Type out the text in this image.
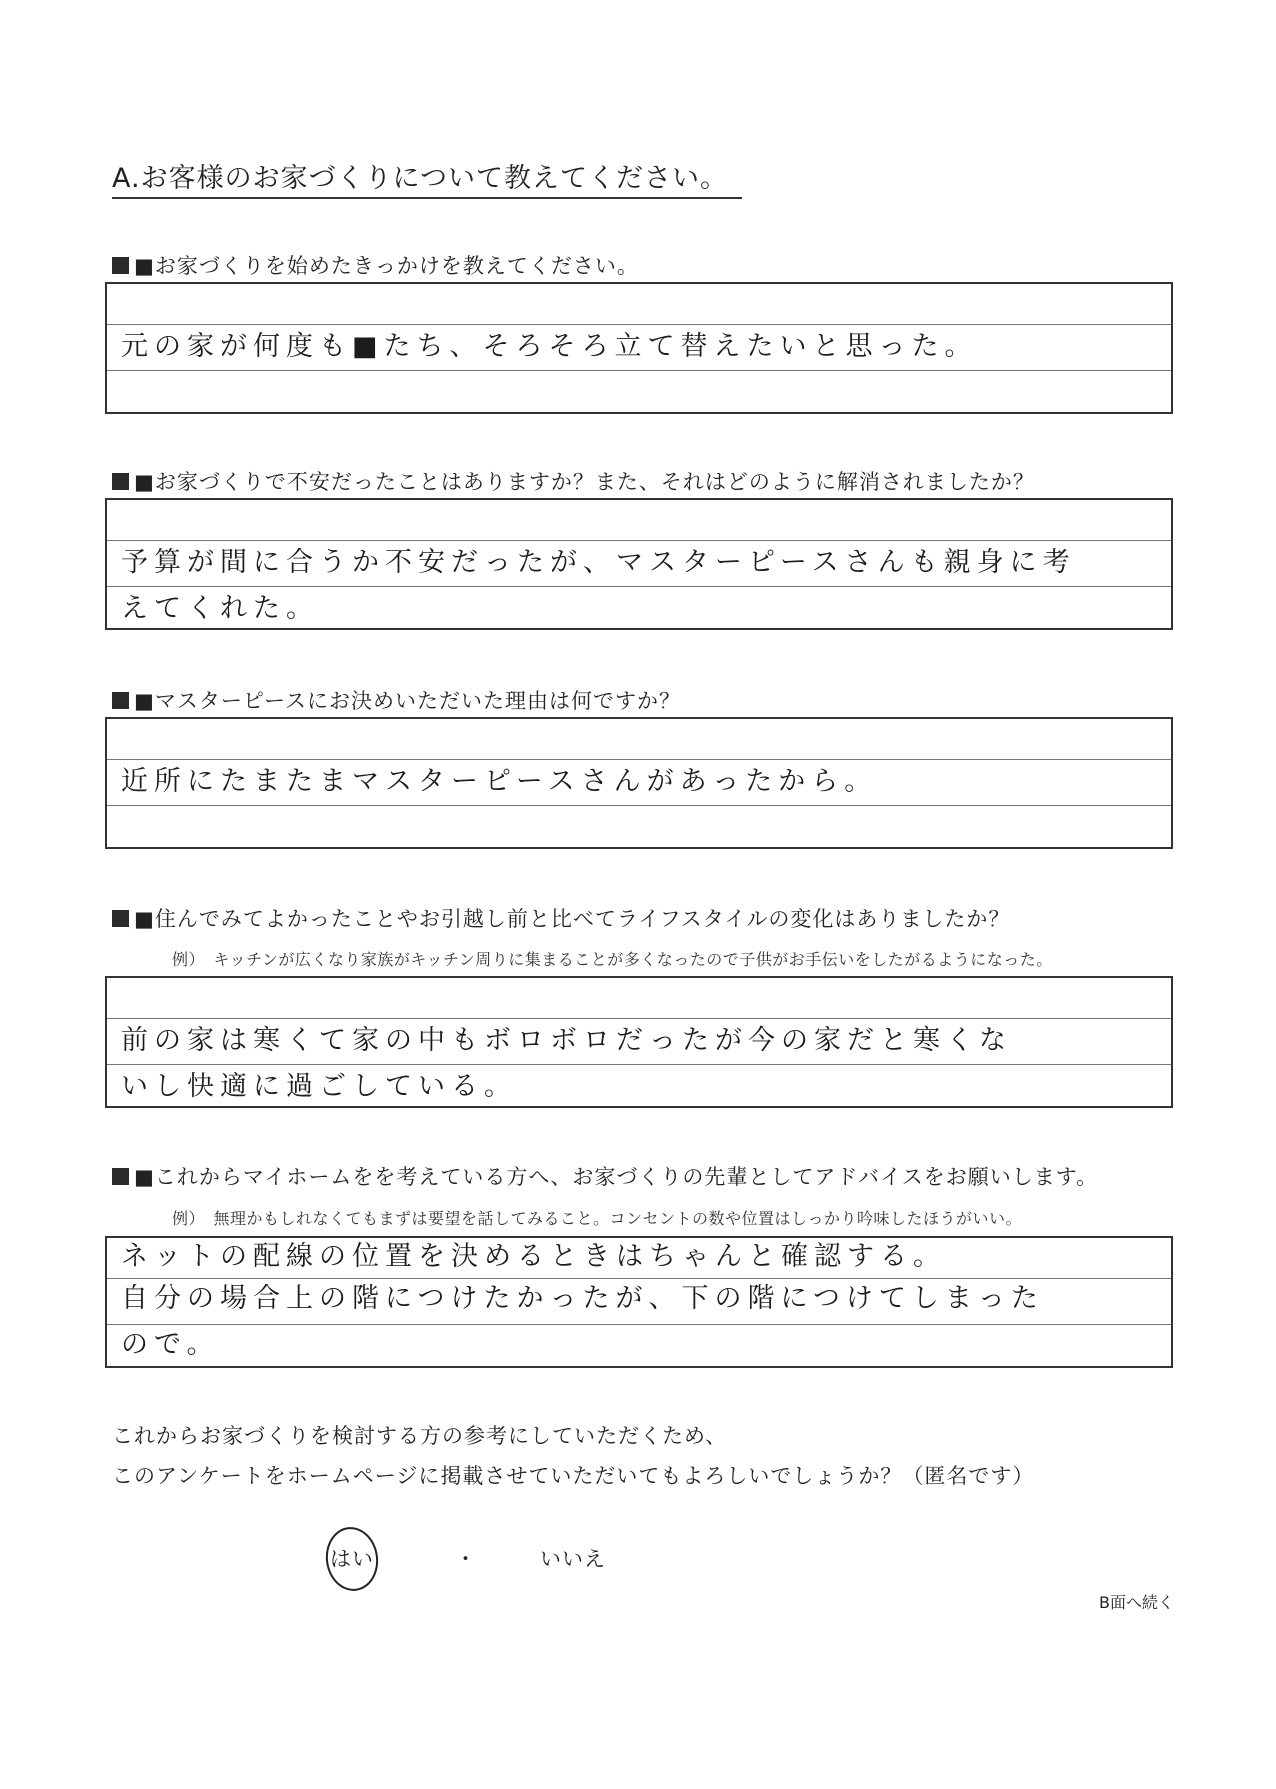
A.お客様のお家づくりについて教えてください。
■お家づくりを始めたきっかけを教えてください。
元の家が何度も■たち、そろそろ立て替えたいと思った。
■お家づくりで不安だったことはありますか？また、それはどのように解消されましたか？
予算が間に合うか不安だったが、マスターピースさんも親身に考
えてくれた。
■マスターピースにお決めいただいた理由は何ですか？
近所にたまたまマスターピースさんがあったから。
■住んでみてよかったことやお引越し前と比べてライフスタイルの変化はありましたか？
例）　キッチンが広くなり家族がキッチン周りに集まることが多くなったので子供がお手伝いをしたがるようになった。
前の家は寒くて家の中もボロボロだったが今の家だと寒くな
いし快適に過ごしている。
■これからマイホームをを考えている方へ、お家づくりの先輩としてアドバイスをお願いします。
例）　無理かもしれなくてもまずは要望を話してみること。コンセントの数や位置はしっかり吟味したほうがいい。
ネットの配線の位置を決めるときはちゃんと確認する。
自分の場合上の階につけたかったが、下の階につけてしまった
ので。
これからお家づくりを検討する方の参考にしていただくため、
このアンケートをホームページに掲載させていただいてもよろしいでしょうか？（匿名です）
はい	・	いいえ
B面へ続く
